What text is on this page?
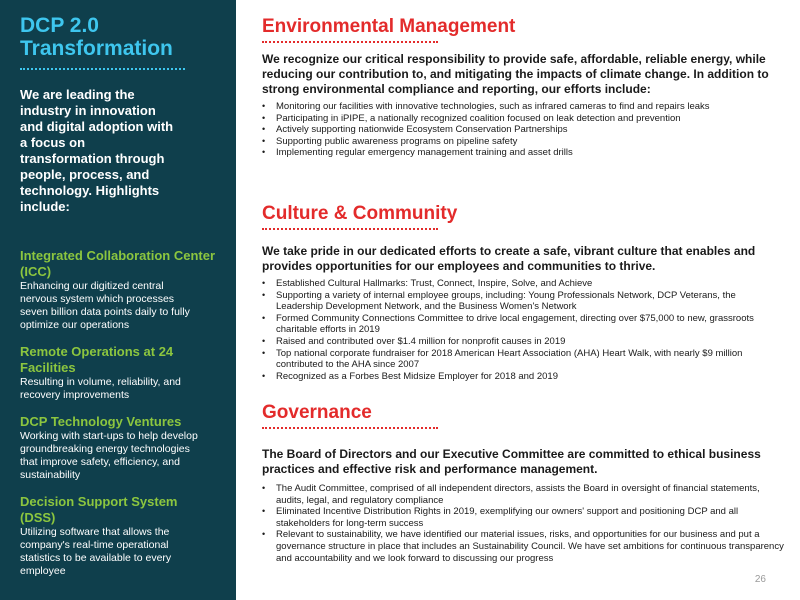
DCP 2.0 Transformation

We are leading the industry in innovation and digital adoption with a focus on transformation through people, process, and technology. Highlights include:

Integrated Collaboration Center (ICC)
Enhancing our digitized central nervous system which processes seven billion data points daily to fully optimize our operations
Remote Operations at 24 Facilities
Resulting in volume, reliability, and recovery improvements
DCP Technology Ventures
Working with start-ups to help develop groundbreaking energy technologies that improve safety, efficiency, and sustainability
Decision Support System (DSS)
Utilizing software that allows the company's real-time operational statistics to be available to every employee
Environmental Management

We recognize our critical responsibility to provide safe, affordable, reliable energy, while reducing our contribution to, and mitigating the impacts of climate change. In addition to strong environmental compliance and reporting, our efforts include:

• Monitoring our facilities with innovative technologies, such as infrared cameras to find and repairs leaks
• Participating in iPIPE, a nationally recognized coalition focused on leak detection and prevention
• Actively supporting nationwide Ecosystem Conservation Partnerships
• Supporting public awareness programs on pipeline safety
• Implementing regular emergency management training and asset drills
Culture & Community

We take pride in our dedicated efforts to create a safe, vibrant culture that enables and provides opportunities for our employees and communities to thrive.

• Established Cultural Hallmarks: Trust, Connect, Inspire, Solve, and Achieve
• Supporting a variety of internal employee groups, including: Young Professionals Network, DCP Veterans, the Leadership Development Network, and the Business Women's Network
• Formed Community Connections Committee to drive local engagement, directing over $75,000 to new, grassroots charitable efforts in 2019
• Raised and contributed over $1.4 million for nonprofit causes in 2019
• Top national corporate fundraiser for 2018 American Heart Association (AHA) Heart Walk, with nearly $9 million contributed to the AHA since 2007
• Recognized as a Forbes Best Midsize Employer for 2018 and 2019
Governance

The Board of Directors and our Executive Committee are committed to ethical business practices and effective risk and performance management.

• The Audit Committee, comprised of all independent directors, assists the Board in oversight of financial statements, audits, legal, and regulatory compliance
• Eliminated Incentive Distribution Rights in 2019, exemplifying our owners' support and positioning DCP and all stakeholders for long-term success
• Relevant to sustainability, we have identified our material issues, risks, and opportunities for our business and put a governance structure in place that includes an Sustainability Council. We have set ambitions for continuous transparency and accountability and we look forward to discussing our progress
26
